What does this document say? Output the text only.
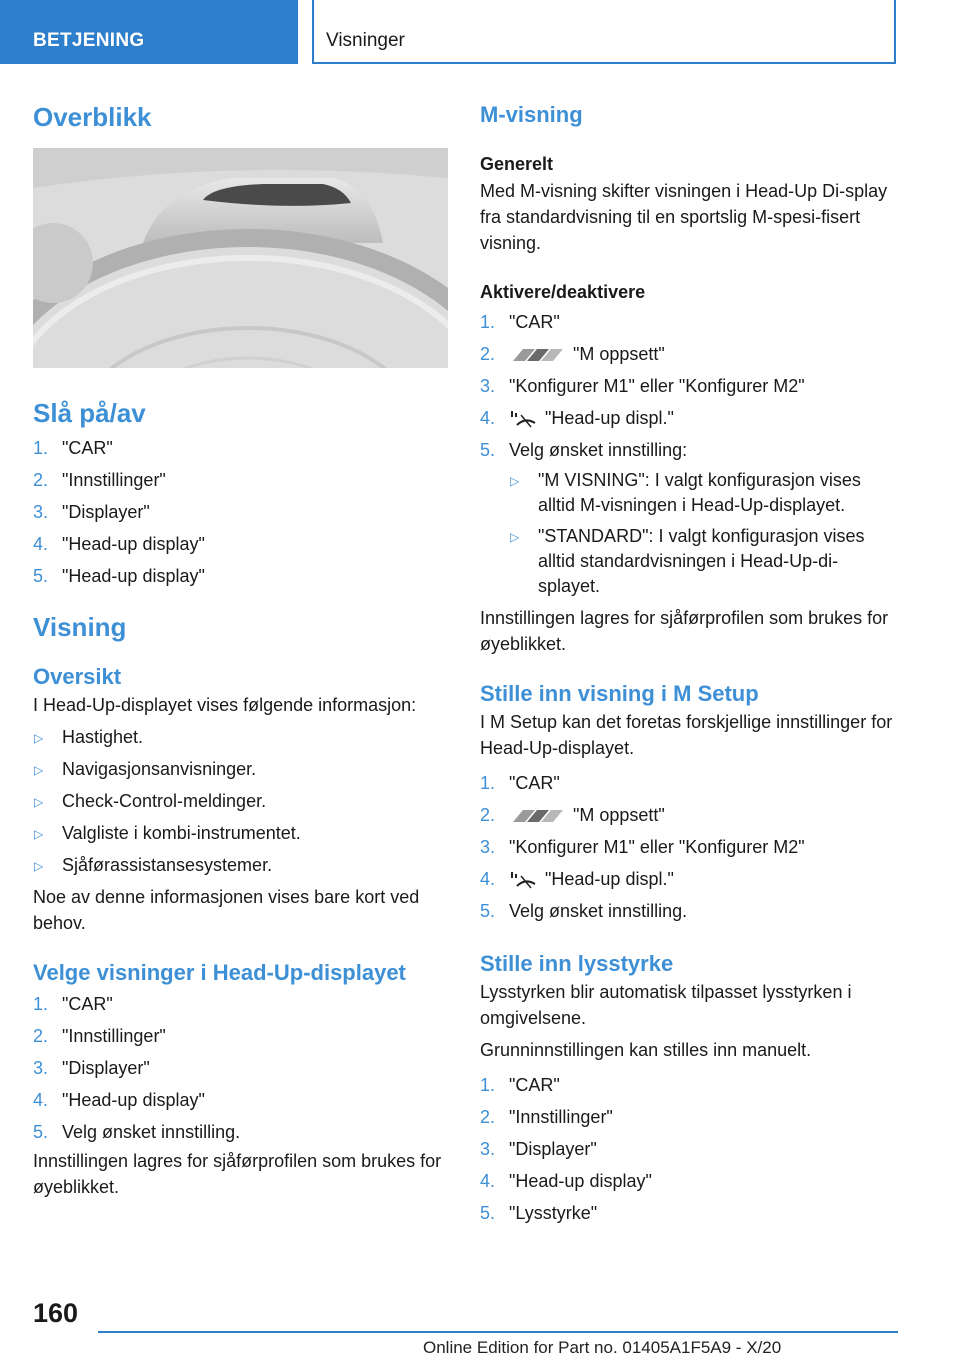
BETJENING	Visninger
Overblikk
Slå på/av
1. "CAR"
2. "Innstillinger"
3. "Displayer"
4. "Head-up display"
5. "Head-up display"
Visning
Oversikt

I Head-Up-displayet vises følgende informasjon:

▷ Hastighet.
▷ Navigasjonsanvisninger.
▷ Check-Control-meldinger.
▷ Valgliste i kombi-instrumentet.
▷ Sjåførassistansesystemer.

Noe av denne informasjonen vises bare kort ved behov.

Velge visninger i Head-Up-displayet
1. "CAR"
2. "Innstillinger"
3. "Displayer"
4. "Head-up display"
5. Velg ønsket innstilling.

Innstillingen lagres for sjåførprofilen som brukes for øyeblikket.

M-visning
Generelt

Med M-visning skifter visningen i Head-Up Di-splay fra standardvisning til en sportslig M-spesi-fisert visning.

Aktivere/deaktivere
1. "CAR"
2.	"M oppsett"
3. "Konfigurer M1" eller "Konfigurer M2"
4.	"Head-up displ."
5. Velg ønsket innstilling:
▷ "M VISNING": I valgt konfigurasjon vises alltid M-visningen i Head-Up-displayet.
▷ "STANDARD": I valgt konfigurasjon vises alltid standardvisningen i Head-Up-di-splayet.

Innstillingen lagres for sjåførprofilen som brukes for øyeblikket.

Stille inn visning i M Setup

I M Setup kan det foretas forskjellige innstillinger for Head-Up-displayet.

1. "CAR"
2.	"M oppsett"
3. "Konfigurer M1" eller "Konfigurer M2"
4.	"Head-up displ."
5. Velg ønsket innstilling.
Stille inn lysstyrke

Lysstyrken blir automatisk tilpasset lysstyrken i omgivelsene.

Grunninnstillingen kan stilles inn manuelt.

1. "CAR"
2. "Innstillinger"
3. "Displayer"
4. "Head-up display"
5. "Lysstyrke"
160
Online Edition for Part no. 01405A1F5A9 - X/20
